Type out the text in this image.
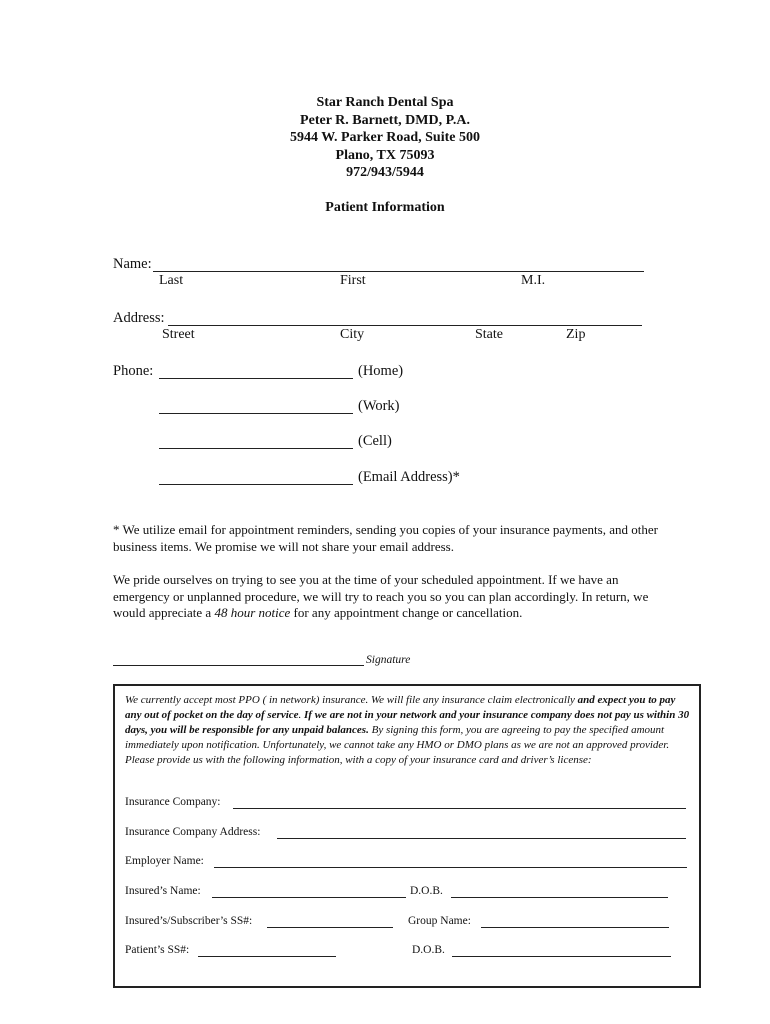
Star Ranch Dental Spa
Peter R. Barnett, DMD, P.A.
5944 W. Parker Road, Suite 500
Plano, TX 75093
972/943/5944
Patient Information
Name:
Last	First	M.I.
Address:
Street	City	State	Zip
Phone:	(Home)
(Work)
(Cell)
(Email Address)*
* We utilize email for appointment reminders, sending you copies of your insurance payments, and other business items. We promise we will not share your email address.
We pride ourselves on trying to see you at the time of your scheduled appointment. If we have an emergency or unplanned procedure, we will try to reach you so you can plan accordingly. In return, we would appreciate a 48 hour notice for any appointment change or cancellation.
Signature
We currently accept most PPO ( in network) insurance. We will file any insurance claim electronically and expect you to pay any out of pocket on the day of service. If we are not in your network and your insurance company does not pay us within 30 days, you will be responsible for any unpaid balances. By signing this form, you are agreeing to pay the specified amount immediately upon notification. Unfortunately, we cannot take any HMO or DMO plans as we are not an approved provider. Please provide us with the following information, with a copy of your insurance card and driver’s license:
Insurance Company:
Insurance Company Address:
Employer Name:
Insured’s Name:	D.O.B.
Insured’s/Subscriber’s SS#:	Group Name:
Patient’s SS#:	D.O.B.
